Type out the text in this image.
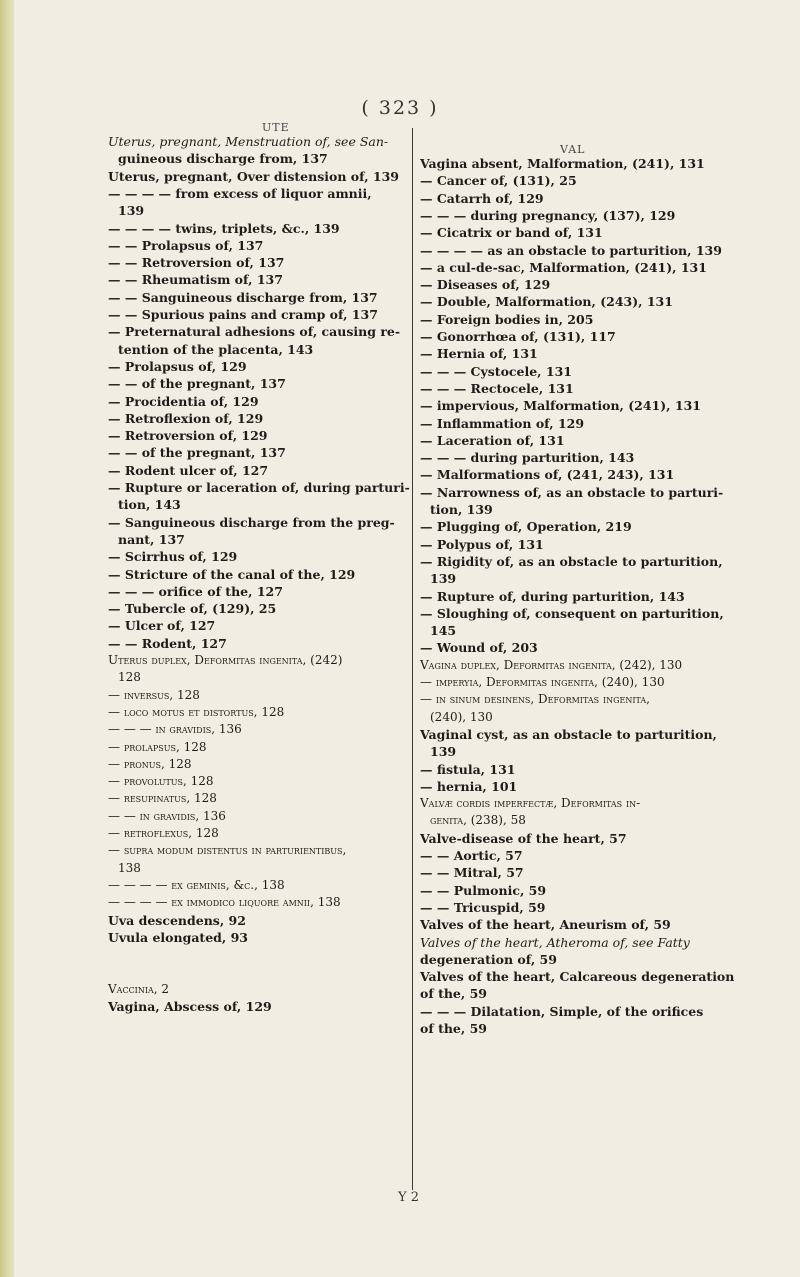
( 323 )
UTE
VAL
Uterus, pregnant, Menstruation of, see San-
guineous discharge from, 137
Uterus, pregnant, Over distension of, 139
— — — — from excess of liquor amnii,
139
— — — — twins, triplets, &c., 139
— — Prolapsus of, 137
— — Retroversion of, 137
— — Rheumatism of, 137
— — Sanguineous discharge from, 137
— — Spurious pains and cramp of, 137
— Preternatural adhesions of, causing re-
tention of the placenta, 143
— Prolapsus of, 129
— — of the pregnant, 137
— Procidentia of, 129
— Retroflexion of, 129
— Retroversion of, 129
— — of the pregnant, 137
— Rodent ulcer of, 127
— Rupture or laceration of, during parturi-
tion, 143
— Sanguineous discharge from the preg-
nant, 137
— Scirrhus of, 129
— Stricture of the canal of the, 129
— — — orifice of the, 127
— Tubercle of, (129), 25
— Ulcer of, 127
— — Rodent, 127
Uterus duplex, Deformitas ingenita, (242)
128
— inversus, 128
— loco motus et distortus, 128
— — — in gravidis, 136
— prolapsus, 128
— pronus, 128
— provolutus, 128
— resupinatus, 128
— — in gravidis, 136
— retroflexus, 128
— supra modum distentus in parturientibus,
138
— — — — ex geminis, &c., 138
— — — — ex immodico liquore amnii, 138
Uva descendens, 92
Uvula elongated, 93
Vaccinia, 2
Vagina, Abscess of, 129
Vagina absent, Malformation, (241), 131
— Cancer of, (131), 25
— Catarrh of, 129
— — — during pregnancy, (137), 129
— Cicatrix or band of, 131
— — — — as an obstacle to parturition, 139
— a cul-de-sac, Malformation, (241), 131
— Diseases of, 129
— Double, Malformation, (243), 131
— Foreign bodies in, 205
— Gonorrhœa of, (131), 117
— Hernia of, 131
— — — Cystocele, 131
— — — Rectocele, 131
— impervious, Malformation, (241), 131
— Inflammation of, 129
— Laceration of, 131
— — — during parturition, 143
— Malformations of, (241, 243), 131
— Narrowness of, as an obstacle to parturi-
tion, 139
— Plugging of, Operation, 219
— Polypus of, 131
— Rigidity of, as an obstacle to parturition,
139
— Rupture of, during parturition, 143
— Sloughing of, consequent on parturition,
145
— Wound of, 203
Vagina duplex, Deformitas ingenita, (242), 130
— imperyia, Deformitas ingenita, (240), 130
— in sinum desinens, Deformitas ingenita,
(240), 130
Vaginal cyst, as an obstacle to parturition,
139
— fistula, 131
— hernia, 101
Valvæ cordis imperfectæ, Deformitas in-
genita, (238), 58
Valve-disease of the heart, 57
— — Aortic, 57
— — Mitral, 57
— — Pulmonic, 59
— — Tricuspid, 59
Valves of the heart, Aneurism of, 59
Valves of the heart, Atheroma of, see Fatty
degeneration of, 59
Valves of the heart, Calcareous degeneration
of the, 59
— — — Dilatation, Simple, of the orifices
of the, 59
Y 2
